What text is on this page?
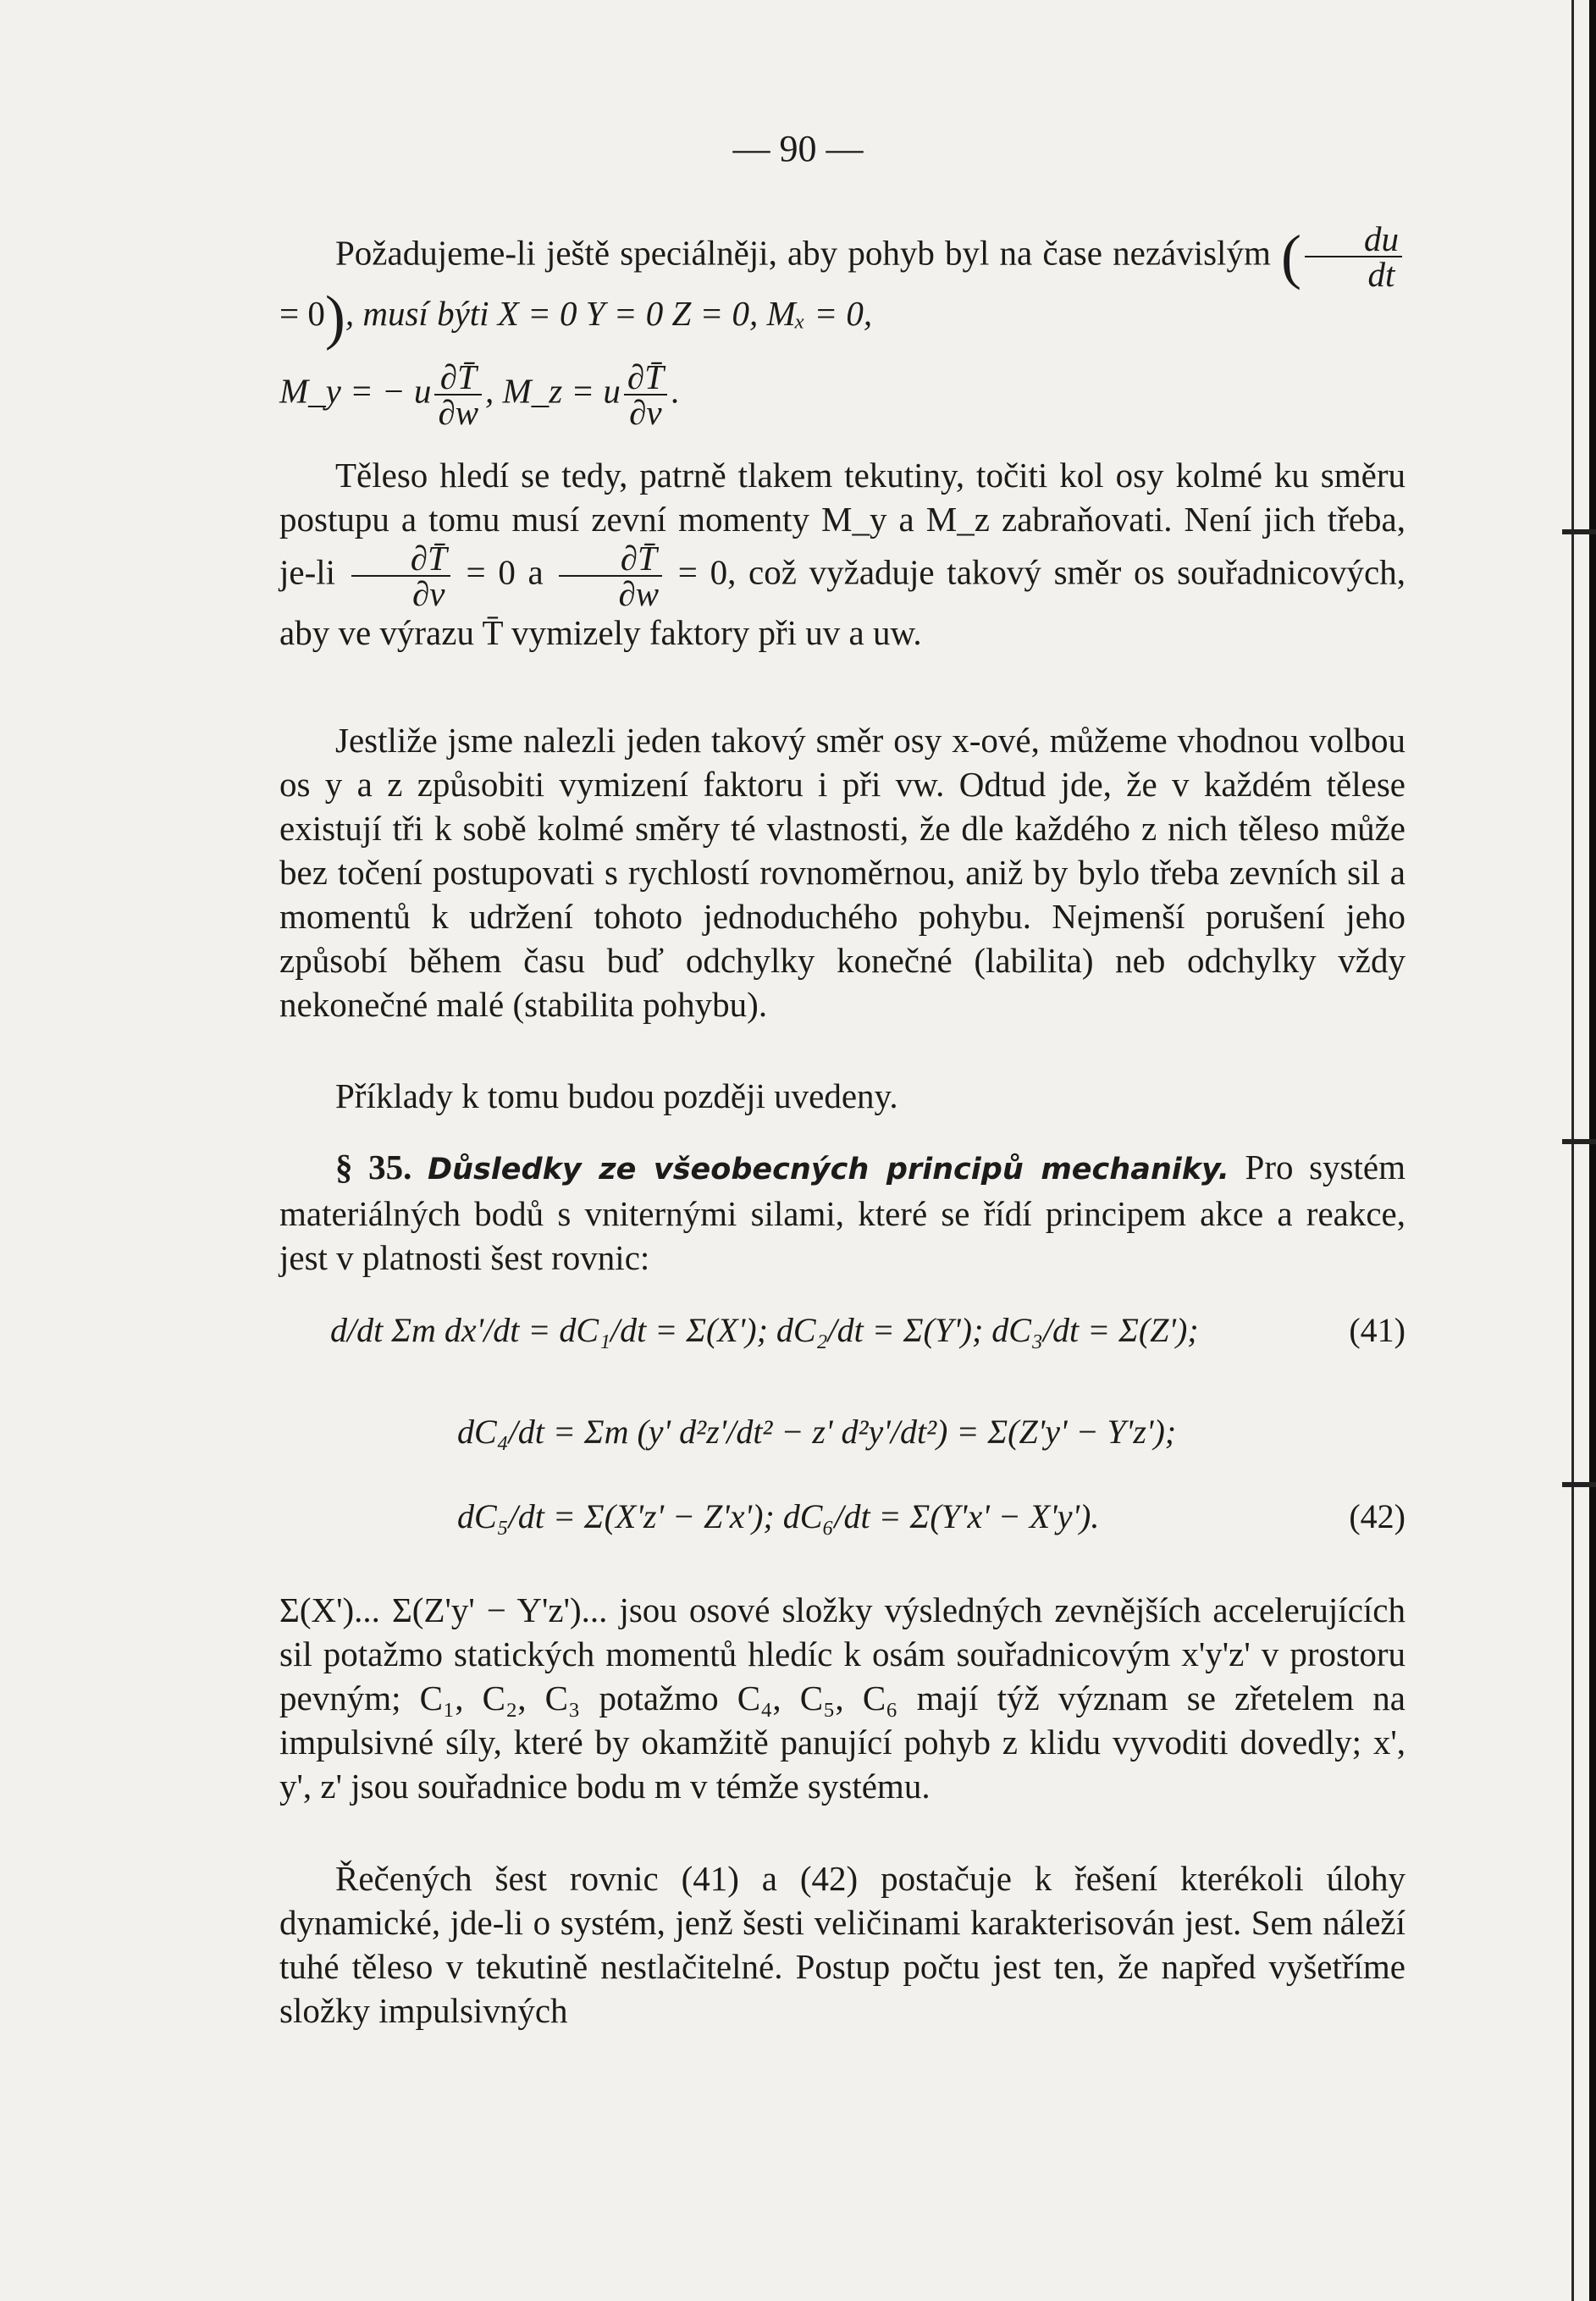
— 90 —
Požadujeme-li ještě speciálněji, aby pohyb byl na čase nezávislým ( $\frac{du}{dt}$
= 0), musí býti X = 0 Y = 0 Z = 0, Mₓ = 0,
M_y = − u $\frac{\partial T̄}{\partial w}$ , M_z = u $\frac{\partial T̄}{\partial v}$ .
Těleso hledí se tedy, patrně tlakem tekutiny, točiti kol osy kolmé ku směru postupu a tomu musí zevní momenty M_y a M_z zabraňovati. Není jich třeba, $je-li \frac{\partial T̄}{\partial v} = 0$ a $\frac{\partial T̄}{\partial w} = 0$, což vyžaduje takový směr os souřadnicových, aby ve výrazu T̄ vymizely faktory při uv a uw.
Jestliže jsme nalezli jeden takový směr osy x-ové, můžeme vhodnou volbou os y a z způsobiti vymizení faktoru i při vw. Odtud jde, že v každém tělese existují tři k sobě kolmé směry té vlastnosti, že dle každého z nich těleso může bez točení postupovati s rychlostí rovnoměrnou, aniž by bylo třeba zevních sil a momentů k udržení tohoto jednoduchého pohybu. Nejmenší porušení jeho způsobí během času buď odchylky konečné (labilita) neb odchylky vždy nekonečné malé (stabilita pohybu).
Příklady k tomu budou později uvedeny.
§ 35. Důsledky ze všeobecných principů mechaniky. Pro systém materiálných bodů s vniternými silami, které se řídí principem akce a reakce, jest v platnosti šest rovnic:
d/dt Σm dx'/dt = dC₁/dt = Σ(X'); dC₂/dt = Σ(Y'); dC₃/dt = Σ(Z');	(41)
dC₄/dt = Σm (y' d²z'/dt² − z' d²y'/dt²) = Σ(Z'y' − Y'z');
dC₅/dt = Σ(X'z' − Z'x'); dC₆/dt = Σ(Y'x' − X'y').	(42)
Σ(X')... Σ(Z'y' − Y'z')... jsou osové složky výsledných zevnějších accelerujících sil potažmo statických momentů hledíc k osám souřadnicovým x'y'z' v prostoru pevným; C₁, C₂, C₃ potažmo C₄, C₅, C₆ mají týž význam se zřetelem na impulsivné síly, které by okamžitě panující pohyb z klidu vyvoditi dovedly; x', y', z' jsou souřadnice bodu m v témže systému.
Řečených šest rovnic (41) a (42) postačuje k řešení kterékoli úlohy dynamické, jde-li o systém, jenž šesti veličinami karakterisován jest. Sem náleží tuhé těleso v tekutině nestlačitelné. Postup počtu jest ten, že napřed vyšetříme složky impulsivných
